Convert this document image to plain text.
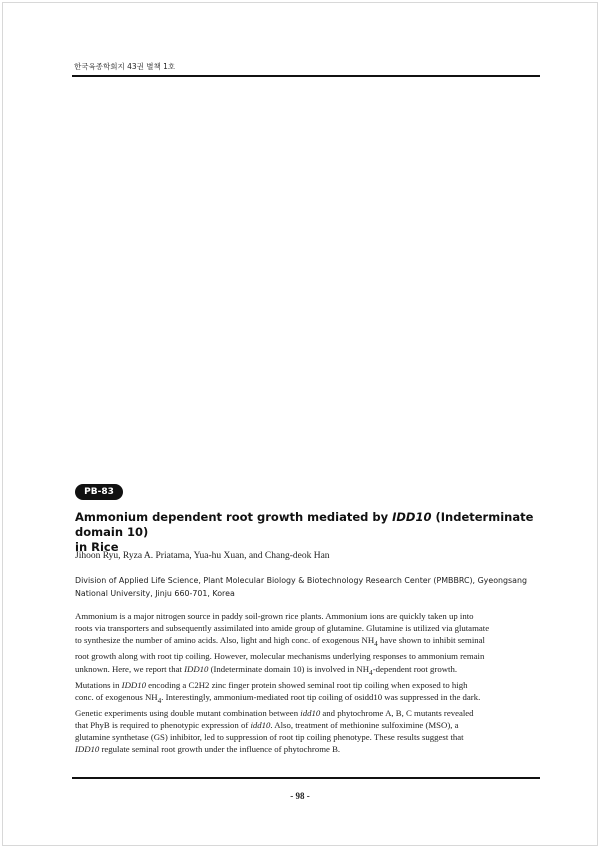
한국육종학회지 43권 별책 1호
PB-83
Ammonium dependent root growth mediated by IDD10 (Indeterminate domain 10)
in Rice
Jihoon Ryu, Ryza A. Priatama, Yua-hu Xuan, and Chang-deok Han
Division of Applied Life Science, Plant Molecular Biology & Biotechnology Research Center (PMBBRC), Gyeongsang
National University, Jinju 660-701, Korea
Ammonium is a major nitrogen source in paddy soil-grown rice plants. Ammonium ions are quickly taken up into
roots via transporters and subsequently assimilated into amide group of glutamine. Glutamine is utilized via glutamate
to synthesize the number of amino acids. Also, light and high conc. of exogenous $NH_4$ have shown to inhibit seminal
root growth along with root tip coiling. However, molecular mechanisms underlying responses to ammonium remain
unknown. Here, we report that IDD10 (Indeterminate domain 10) is involved in $NH_4$-dependent root growth.
Mutations in IDD10 encoding a C2H2 zinc finger protein showed seminal root tip coiling when exposed to high
conc. of exogenous $NH_4$. Interestingly, ammonium-mediated root tip coiling of osidd10 was suppressed in the dark.
Genetic experiments using double mutant combination between idd10 and phytochrome A, B, C mutants revealed
that PhyB is required to phenotypic expression of idd10. Also, treatment of methionine sulfoximine (MSO), a
glutamine synthetase (GS) inhibitor, led to suppression of root tip coiling phenotype. These results suggest that
IDD10 regulate seminal root growth under the influence of phytochrome B.
- 98 -
